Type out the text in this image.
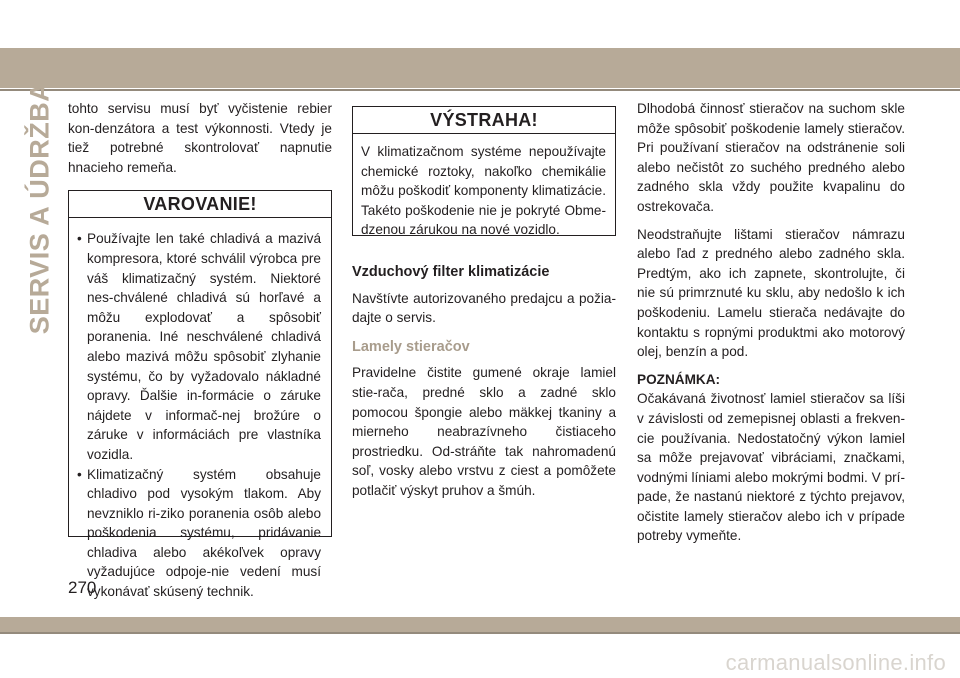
SERVIS A ÚDRŽBA tohto servisu musí byť vyčistenie rebier kon-denzátora a test výkonnosti. Vtedy je tiež potrebné skontrolovať napnutie hnacieho remeňa.

VAROVANIE!
• Používajte len také chladivá a mazivá kompresora, ktoré schválil výrobca pre váš klimatizačný systém. Niektoré nes-chválené chladivá sú horľavé a môžu explodovať a spôsobiť poranenia. Iné neschválené chladivá alebo mazivá môžu spôsobiť zlyhanie systému, čo by vyžadovalo nákladné opravy. Ďalšie in-formácie o záruke nájdete v informač-nej brožúre o záruke v informáciách pre vlastníka vozidla.
• Klimatizačný systém obsahuje chladivo pod vysokým tlakom. Aby nevzniklo ri-ziko poranenia osôb alebo poškodenia systému, pridávanie chladiva alebo akékoľvek opravy vyžadujúce odpoje-nie vedení musí vykonávať skúsený technik.
VÝSTRAHA!

V klimatizačnom systéme nepoužívajte chemické roztoky, nakoľko chemikálie môžu poškodiť komponenty klimatizácie. Takéto poškodenie nie je pokryté Obme-dzenou zárukou na nové vozidlo.

Vzduchový filter klimatizácie

Navštívte autorizovaného predajcu a požia-dajte o servis.

Lamely stieračov

Pravidelne čistite gumené okraje lamiel stie-rača, predné sklo a zadné sklo pomocou špongie alebo mäkkej tkaniny a mierneho neabrazívneho čistiaceho prostriedku. Od-stráňte tak nahromadenú soľ, vosky alebo vrstvu z ciest a pomôžete potlačiť výskyt pruhov a šmúh.

Dlhodobá činnosť stieračov na suchom skle môže spôsobiť poškodenie lamely stieračov. Pri používaní stieračov na odstránenie soli alebo nečistôt zo suchého predného alebo zadného skla vždy použite kvapalinu do ostrekovača.

Neodstraňujte lištami stieračov námrazu alebo ľad z predného alebo zadného skla. Predtým, ako ich zapnete, skontrolujte, či nie sú primrznuté ku sklu, aby nedošlo k ich poškodeniu. Lamelu stierača nedávajte do kontaktu s ropnými produktmi ako motorový olej, benzín a pod.

POZNÁMKA:
Očakávaná životnosť lamiel stieračov sa líši v závislosti od zemepisnej oblasti a frekven-cie používania. Nedostatočný výkon lamiel sa môže prejavovať vibráciami, značkami, vodnými líniami alebo mokrými bodmi. V prí-pade, že nastanú niektoré z týchto prejavov, očistite lamely stieračov alebo ich v prípade potreby vymeňte.

270
carmanualsonline.info
